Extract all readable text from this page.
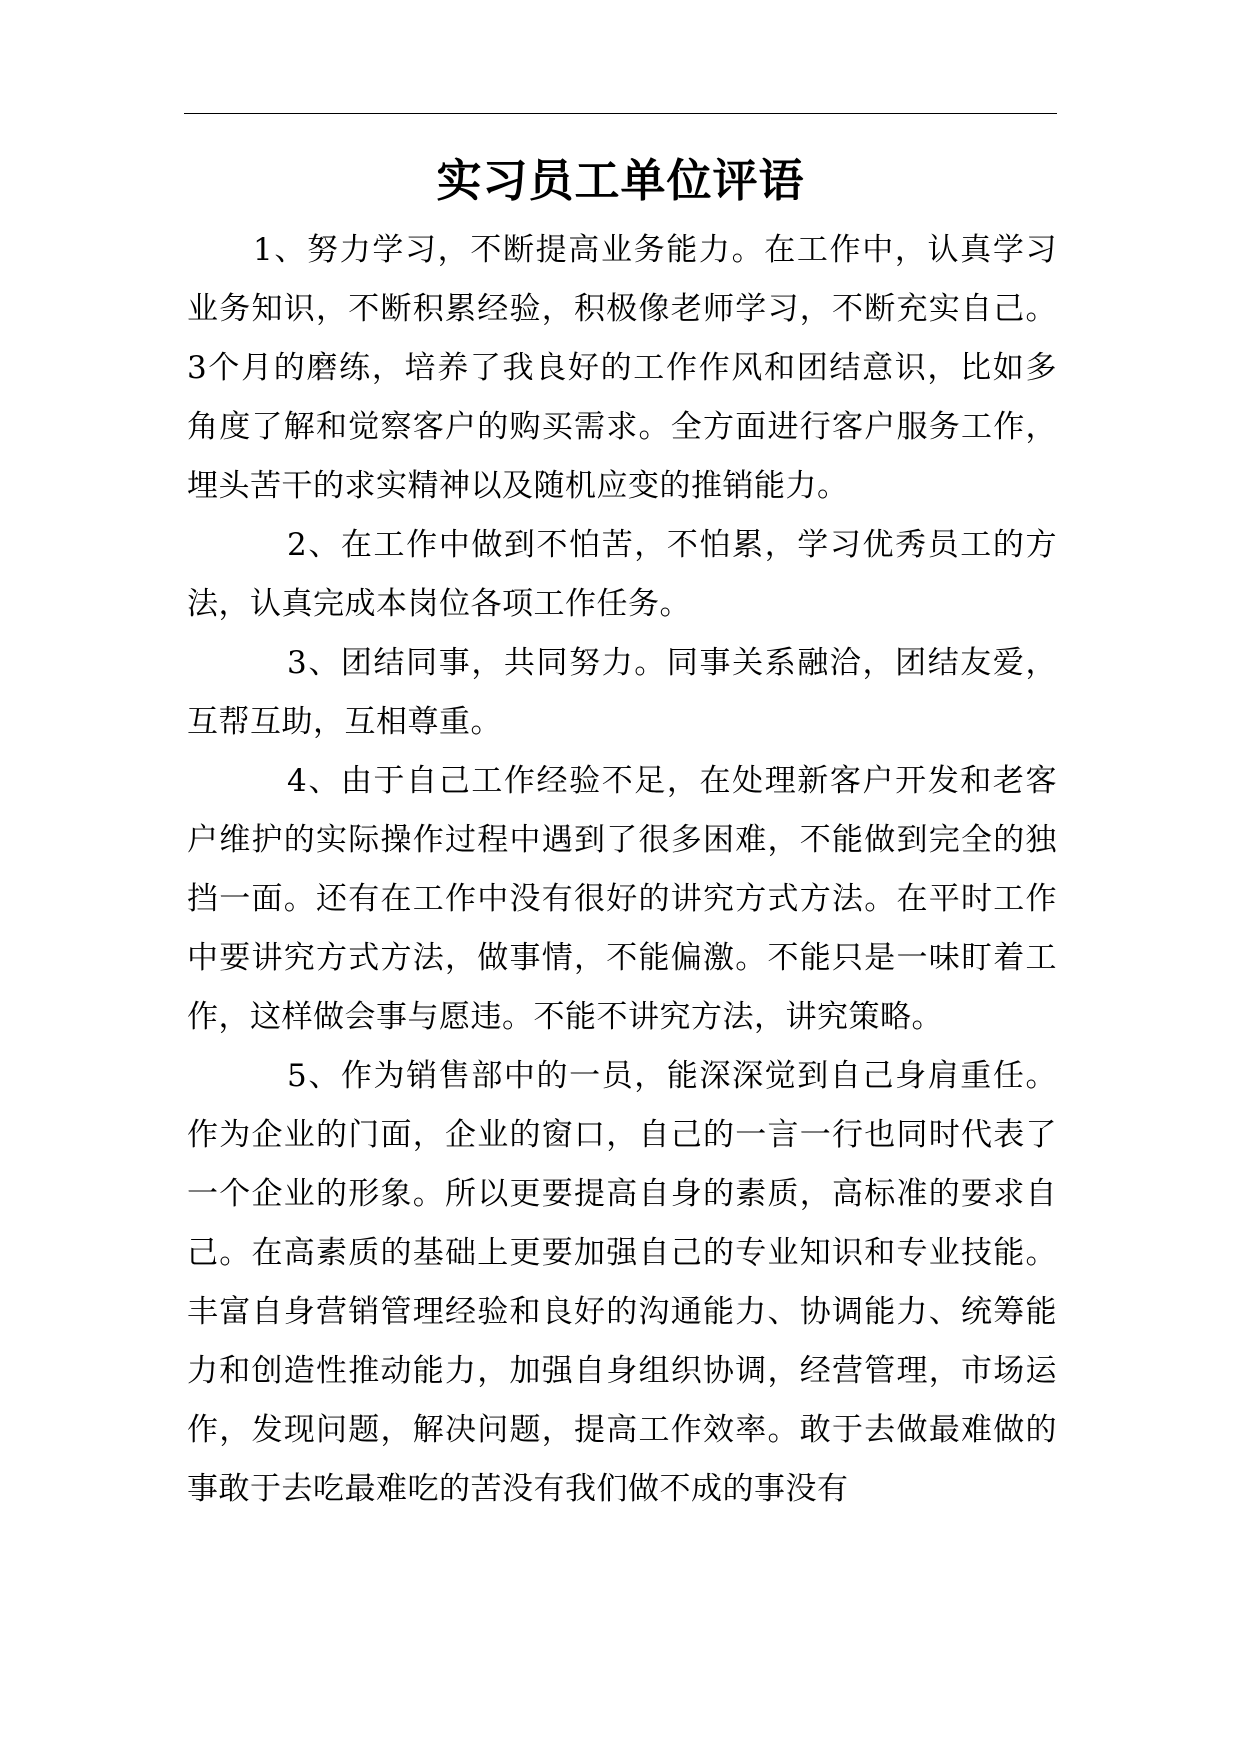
实习员工单位评语

1、努力学习，不断提高业务能力。在工作中，认真学习业务知识，不断积累经验，积极像老师学习，不断充实自己。3个月的磨练，培养了我良好的工作作风和团结意识，比如多角度了解和觉察客户的购买需求。全方面进行客户服务工作，埋头苦干的求实精神以及随机应变的推销能力。

2、在工作中做到不怕苦，不怕累，学习优秀员工的方法，认真完成本岗位各项工作任务。

3、团结同事，共同努力。同事关系融洽，团结友爱，互帮互助，互相尊重。

4、由于自己工作经验不足，在处理新客户开发和老客户维护的实际操作过程中遇到了很多困难，不能做到完全的独挡一面。还有在工作中没有很好的讲究方式方法。在平时工作中要讲究方式方法，做事情，不能偏激。不能只是一味盯着工作，这样做会事与愿违。不能不讲究方法，讲究策略。

5、作为销售部中的一员，能深深觉到自己身肩重任。作为企业的门面，企业的窗口，自己的一言一行也同时代表了一个企业的形象。所以更要提高自身的素质，高标准的要求自己。在高素质的基础上更要加强自己的专业知识和专业技能。丰富自身营销管理经验和良好的沟通能力、协调能力、统筹能力和创造性推动能力，加强自身组织协调，经营管理，市场运作，发现问题，解决问题，提高工作效率。敢于去做最难做的事敢于去吃最难吃的苦没有我们做不成的事没有
